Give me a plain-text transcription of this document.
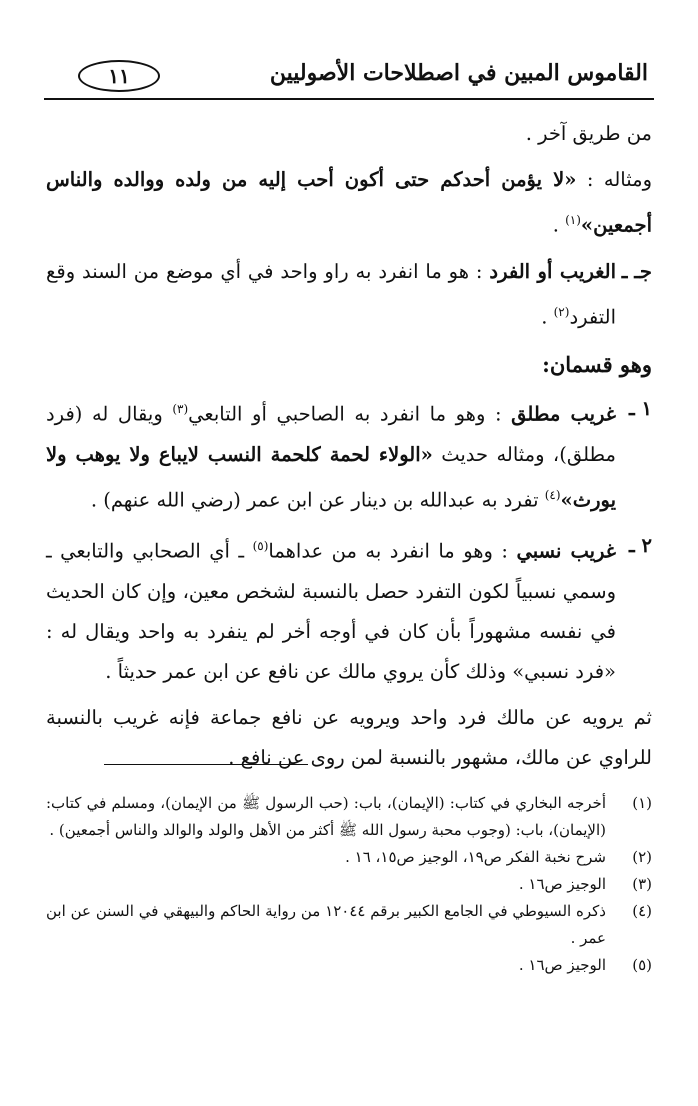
القاموس المبين في اصطلاحات الأصوليين
١١

من طريق آخر .

ومثاله : «لا يؤمن أحدكم حتى أكون أحب إليه من ولده ووالده والناس أجمعين»$^{(١)}$ .

جـ ـ
الغريب أو الفرد : هو ما انفرد به راو واحد في أي موضع من السند وقع التفرد$^{(٢)}$ .

وهو قسمان:

١ ـ
غريب مطلق : وهو ما انفرد به الصاحبي أو التابعي$^{(٣)}$ ويقال له (فرد مطلق)، ومثاله حديث «الولاء لحمة كلحمة النسب لايباع ولا يوهب ولا يورث»$^{(٤)}$ تفرد به عبدالله بن دينار عن ابن عمر (رضي الله عنهم) .

٢ ـ
غريب نسبي : وهو ما انفرد به من عداهما$^{(٥)}$ ـ أي الصحابي والتابعي ـ وسمي نسبياً لكون التفرد حصل بالنسبة لشخص معين، وإن كان الحديث في نفسه مشهوراً بأن كان في أوجه أخر لم ينفرد به واحد ويقال له : «فرد نسبي» وذلك كأن يروي مالك عن نافع عن ابن عمر حديثاً .

ثم يرويه عن مالك فرد واحد ويرويه عن نافع جماعة فإنه غريب بالنسبة للراوي عن مالك، مشهور بالنسبة لمن روى عن نافع .

(١)
أخرجه البخاري في كتاب: (الإيمان)، باب: (حب الرسول ﷺ من الإيمان)، ومسلم في كتاب: (الإيمان)، باب: (وجوب محبة رسول الله ﷺ أكثر من الأهل والولد والوالد والناس أجمعين) .
(٢)
شرح نخبة الفكر ص١٩، الوجيز ص١٥، ١٦ .
(٣)
الوجيز ص١٦ .
(٤)
ذكره السيوطي في الجامع الكبير برقم ١٢٠٤٤ من رواية الحاكم والبيهقي في السنن عن ابن عمر .
(٥)
الوجيز ص١٦ .
